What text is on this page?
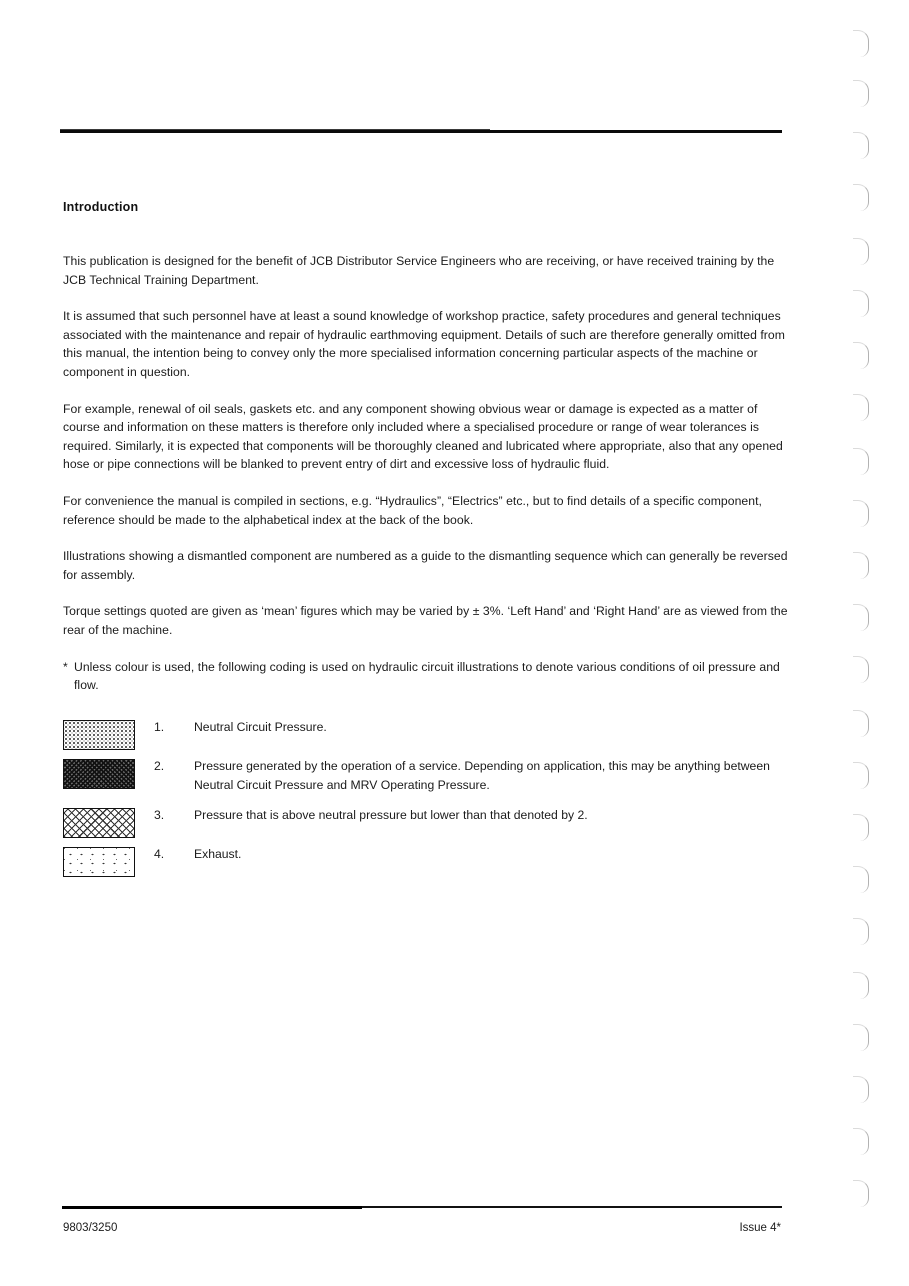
Introduction

This publication is designed for the benefit of JCB Distributor Service Engineers who are receiving, or have received training by the JCB Technical Training Department.

It is assumed that such personnel have at least a sound knowledge of workshop practice, safety procedures and general techniques associated with the maintenance and repair of hydraulic earthmoving equipment. Details of such are therefore generally omitted from this manual, the intention being to convey only the more specialised information concerning particular aspects of the machine or component in question.

For example, renewal of oil seals, gaskets etc. and any component showing obvious wear or damage is expected as a matter of course and information on these matters is therefore only included where a specialised procedure or range of wear tolerances is required. Similarly, it is expected that components will be thoroughly cleaned and lubricated where appropriate, also that any opened hose or pipe connections will be blanked to prevent entry of dirt and excessive loss of hydraulic fluid.

For convenience the manual is compiled in sections, e.g. “Hydraulics”, “Electrics” etc., but to find details of a specific component, reference should be made to the alphabetical index at the back of the book.

Illustrations showing a dismantled component are numbered as a guide to the dismantling sequence which can generally be reversed for assembly.

Torque settings quoted are given as ‘mean’ figures which may be varied by ± 3%. ‘Left Hand’ and ‘Right Hand’ are as viewed from the rear of the machine.

* Unless colour is used, the following coding is used on hydraulic circuit illustrations to denote various conditions of oil pressure and flow.

1.	Neutral Circuit Pressure.
2.	Pressure generated by the operation of a service. Depending on application, this may be anything between Neutral Circuit Pressure and MRV Operating Pressure.
3.	Pressure that is above neutral pressure but lower than that denoted by 2.
4.	Exhaust.
9803/3250	Issue 4*
